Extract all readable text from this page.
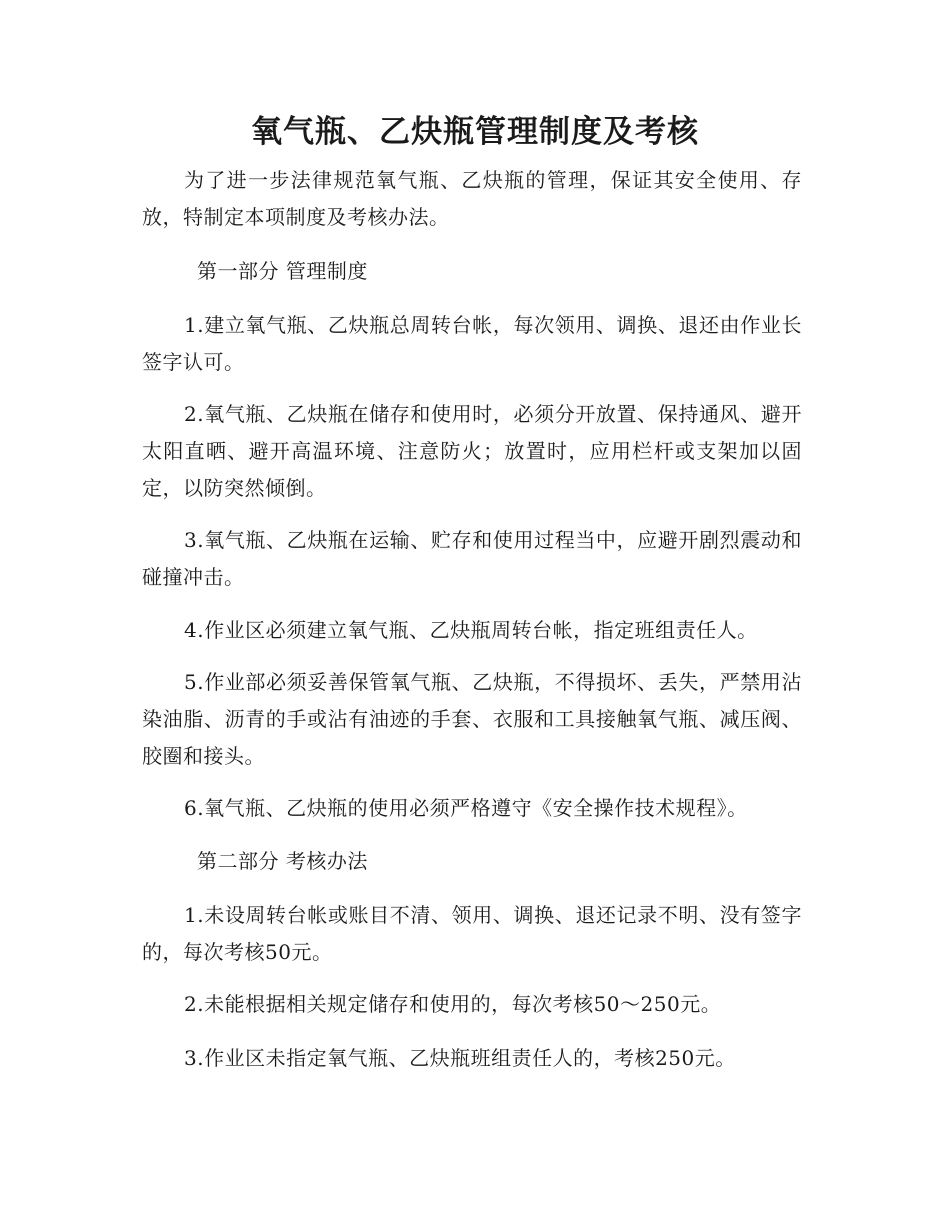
氧气瓶、乙炔瓶管理制度及考核
为了进一步法律规范氧气瓶、乙炔瓶的管理，保证其安全使用、存放，特制定本项制度及考核办法。
第一部分 管理制度
1.建立氧气瓶、乙炔瓶总周转台帐，每次领用、调换、退还由作业长签字认可。
2.氧气瓶、乙炔瓶在储存和使用时，必须分开放置、保持通风、避开太阳直晒、避开高温环境、注意防火；放置时，应用栏杆或支架加以固定，以防突然倾倒。
3.氧气瓶、乙炔瓶在运输、贮存和使用过程当中，应避开剧烈震动和碰撞冲击。
4.作业区必须建立氧气瓶、乙炔瓶周转台帐，指定班组责任人。
5.作业部必须妥善保管氧气瓶、乙炔瓶，不得损坏、丢失，严禁用沾染油脂、沥青的手或沾有油迹的手套、衣服和工具接触氧气瓶、减压阀、胶圈和接头。
6.氧气瓶、乙炔瓶的使用必须严格遵守《安全操作技术规程》。
第二部分 考核办法
1.未设周转台帐或账目不清、领用、调换、退还记录不明、没有签字的，每次考核50元。
2.未能根据相关规定储存和使用的，每次考核50～250元。
3.作业区未指定氧气瓶、乙炔瓶班组责任人的，考核250元。
